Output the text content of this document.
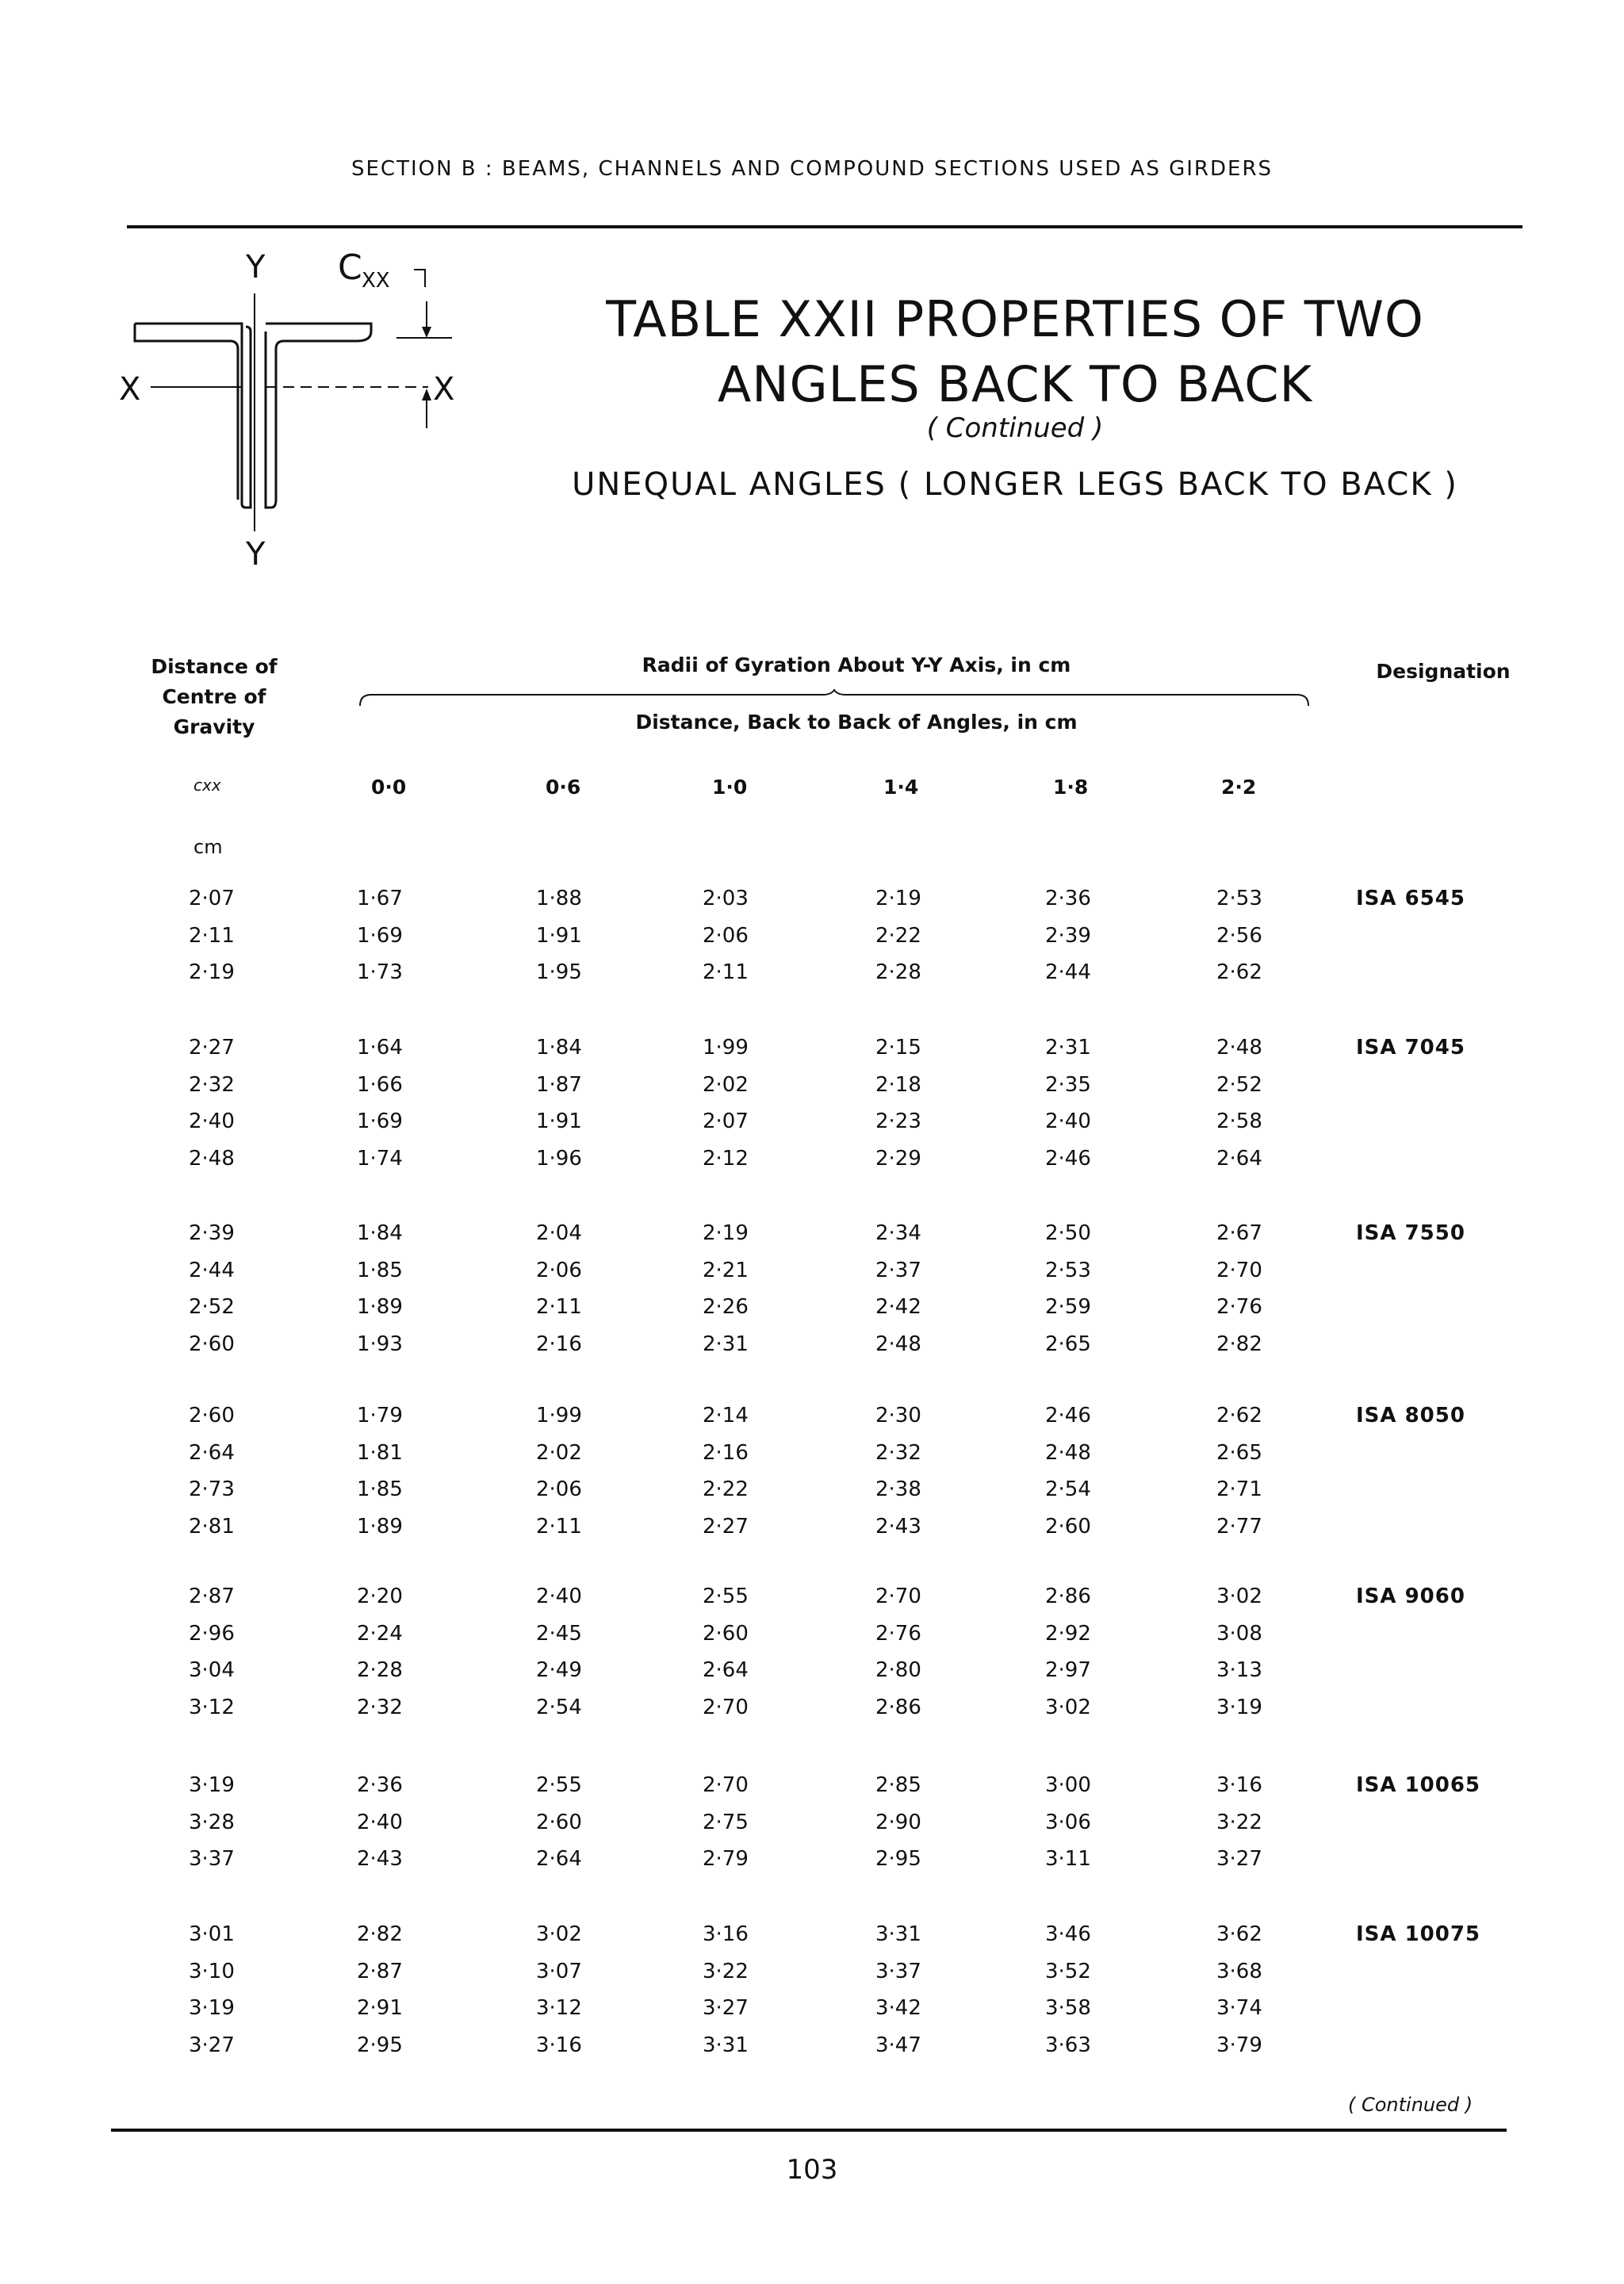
SECTION B : BEAMS, CHANNELS AND COMPOUND SECTIONS USED AS GIRDERS
Y
Y
X	X
C XX
TABLE XXII PROPERTIES OF TWO
ANGLES BACK TO BACK
( Continued )
UNEQUAL ANGLES ( LONGER LEGS BACK TO BACK )
Distance of
Centre of
Gravity
Radii of Gyration About Y-Y Axis, in cm
Distance, Back to Back of Angles, in cm
Designation
cxx
cm
0·0	0·6	1·0	1·4	1·8	2·2
2·07	1·67	1·88	2·03	2·19	2·36	2·53	ISA 6545
2·11	1·69	1·91	2·06	2·22	2·39	2·56
2·19	1·73	1·95	2·11	2·28	2·44	2·62
2·27	1·64	1·84	1·99	2·15	2·31	2·48	ISA 7045
2·32	1·66	1·87	2·02	2·18	2·35	2·52
2·40	1·69	1·91	2·07	2·23	2·40	2·58
2·48	1·74	1·96	2·12	2·29	2·46	2·64
2·39	1·84	2·04	2·19	2·34	2·50	2·67	ISA 7550
2·44	1·85	2·06	2·21	2·37	2·53	2·70
2·52	1·89	2·11	2·26	2·42	2·59	2·76
2·60	1·93	2·16	2·31	2·48	2·65	2·82
2·60	1·79	1·99	2·14	2·30	2·46	2·62	ISA 8050
2·64	1·81	2·02	2·16	2·32	2·48	2·65
2·73	1·85	2·06	2·22	2·38	2·54	2·71
2·81	1·89	2·11	2·27	2·43	2·60	2·77
2·87	2·20	2·40	2·55	2·70	2·86	3·02	ISA 9060
2·96	2·24	2·45	2·60	2·76	2·92	3·08
3·04	2·28	2·49	2·64	2·80	2·97	3·13
3·12	2·32	2·54	2·70	2·86	3·02	3·19
3·19	2·36	2·55	2·70	2·85	3·00	3·16	ISA 10065
3·28	2·40	2·60	2·75	2·90	3·06	3·22
3·37	2·43	2·64	2·79	2·95	3·11	3·27
3·01	2·82	3·02	3·16	3·31	3·46	3·62	ISA 10075
3·10	2·87	3·07	3·22	3·37	3·52	3·68
3·19	2·91	3·12	3·27	3·42	3·58	3·74
3·27	2·95	3·16	3·31	3·47	3·63	3·79
( Continued )
103
